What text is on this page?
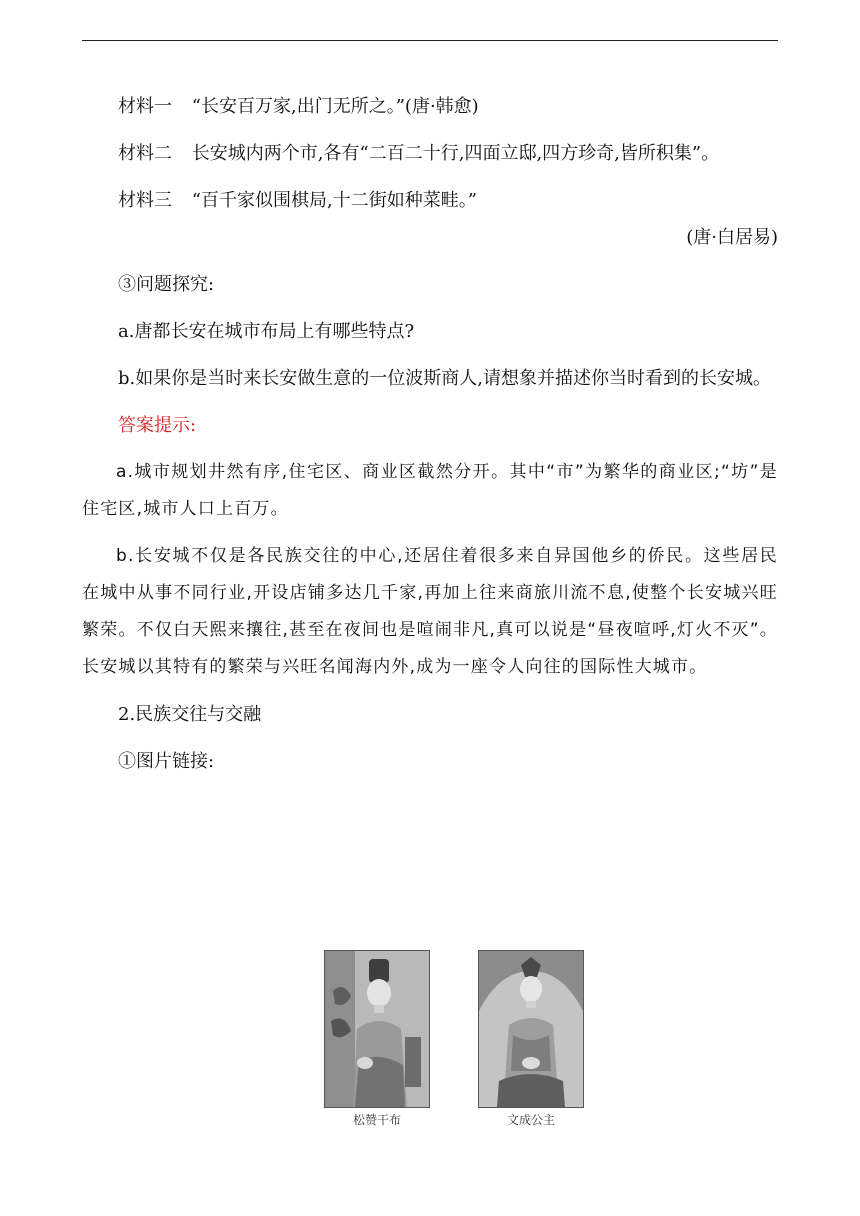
材料一 “长安百万家,出门无所之。”(唐·韩愈)

材料二 长安城内两个市,各有“二百二十行,四面立邸,四方珍奇,皆所积集”。

材料三 “百千家似围棋局,十二街如种菜畦。”

(唐·白居易)

③问题探究:

a.唐都长安在城市布局上有哪些特点?

b.如果你是当时来长安做生意的一位波斯商人,请想象并描述你当时看到的长安城。

答案提示:

a.城市规划井然有序,住宅区、商业区截然分开。其中“市”为繁华的商业区;“坊”是住宅区,城市人口上百万。

b.长安城不仅是各民族交往的中心,还居住着很多来自异国他乡的侨民。这些居民在城中从事不同行业,开设店铺多达几千家,再加上往来商旅川流不息,使整个长安城兴旺繁荣。不仅白天熙来攘往,甚至在夜间也是喧闹非凡,真可以说是“昼夜喧呼,灯火不灭”。长安城以其特有的繁荣与兴旺名闻海内外,成为一座令人向往的国际性大城市。

2.民族交往与交融

①图片链接:

松赞干布	文成公主
